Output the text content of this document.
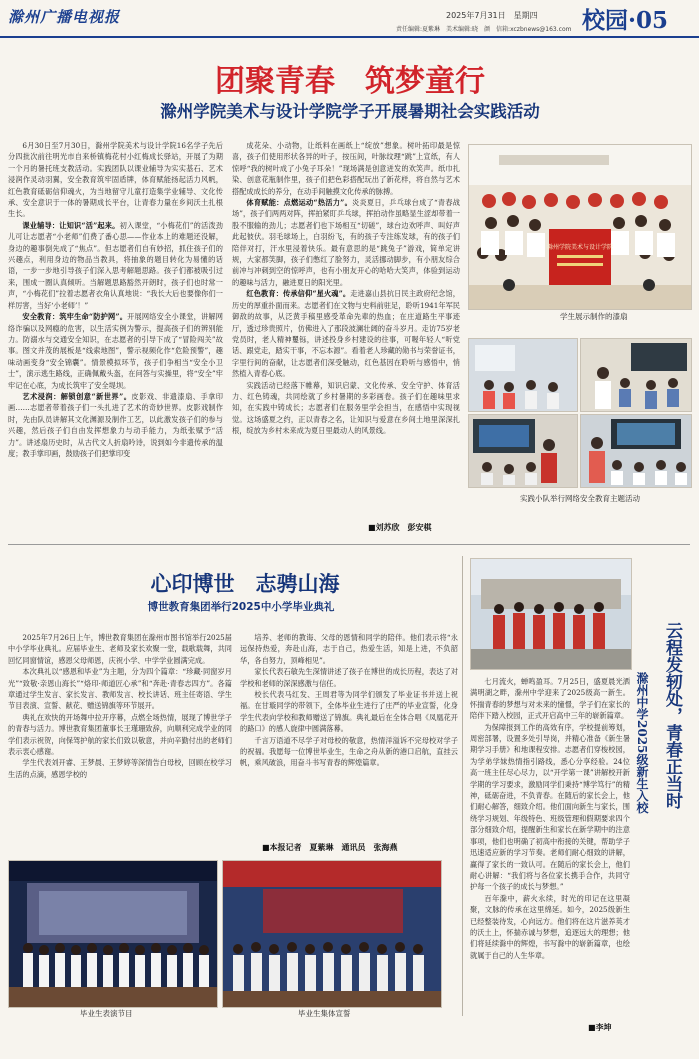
滁州广播电视报	2025年7月31日　星期四
责任编辑:夏紫琳　美术编辑:晓　颜　信箱:xczbnews@163.com 校园·05
团聚青春　筑梦童行
滁州学院美术与设计学院学子开展暑期社会实践活动

6月30日至7月30日，滁州学院美术与设计学院16名学子先后分四批次前往明光市自来桥镇梅花村小红梅成长驿站，开展了为期一个月的暑托班支教活动。实践团队以课业辅导为实实基石、艺术浸润作灵动羽翼，安全教育筑牢固盾牌，体育赋能扬起活力风帆，红色教育砥砺信仰魂火，为当地留守儿童打造集学业辅导、文化传承、安全意识于一体的暑期成长平台，让青春力量在乡间沃土扎根生长。

课业辅导：让知识“活”起来。初入课堂，“小梅花们”的活泼劲儿可让志愿者“小老师”们费了番心思——作业本上的难题还没解，身边的趣事倒先成了“焦点”。但志愿者们自有妙招，抓住孩子们的兴趣点，利用身边的物品当教具，将抽象的题目转化为易懂的话语，一步一步地引导孩子们深入思考解题思路。孩子们都被吸引过来，围成一圈认真倾听。当解题思路豁然开朗时，孩子们也时常一声，“小梅花们”拉着志愿者衣角认真地说：“我长大后也要像你们一样厉害，当好‘小老师’！”

安全教育：筑牢生命“防护网”。开展网络安全小课堂，讲解网络诈骗以及网瘾的危害，以生活实例为警示，提高孩子们的辨别能力。防溺水与交通安全知识，在志愿者的引导下成了“冒险闯关”故事。图文并茂的展板是“线索地图”，警示视频化作“危险预警”，趣味动画变身“安全锦囊”。情景模拟环节，孩子们争相当“安全小卫士”，演示逃生路线，正确佩戴头盔，在问答与实操里，将“安全”牢牢记在心底，为成长筑牢了安全堤坝。

艺术浸润：解锁创意“新世界”。皮影戏、非遗漆扇、手拿印画……志愿者带着孩子们一头扎进了艺术的奇妙世界。皮影戏制作时，先由队员讲解其文化渊源及制作工艺，以此激发孩子们的参与兴趣，然后孩子们自由发挥想象力与动手能力，为纸张赋予“活力”。讲述扇历史时，从古代文人折扇吟诗，说到如今非遗传承的温度；教手掌印画，鼓励孩子们把掌印变

成花朵、小动物，让纸料在画纸上“绽放”想象。树叶拓印最是惊喜，孩子们使用形状各异的叶子，按压间，叶脉纹理“跳”上宣纸，有人惊呼“我的树叶成了小兔子耳朵！”现场满是创意迸发的欢笑声。纸巾扎染、创意花瓶制作里，孩子们把色彩搭配玩出了新花样，将自然与艺术搭配成成长的养分，在动手间触摸文化传承的脉搏。

体育赋能：点燃运动“热活力”。炎炎夏日，乒乓球台成了“青春战场”，孩子们两两对阵，挥拍紧盯乒乓球，挥拍动作虽略显生涩却带着一股不服输的劲儿；志愿者们也下场相互“切磋”，球台边欢呼声、叫好声此起彼伏。羽毛球场上，白羽纷飞，有的孩子专注练发球，有的孩子们陪伴对打，汗水里浸着快乐。最有意思的是“跳兔子”游戏，简单定讲规，大家都笑脚，孩子们憋红了脸努力，灵活挪动脚步，有小朋友综合前冲与冲刺到空的惊呼声，也有小朋友开心的哈哈大笑声，体验到运动的趣味与活力，融进夏日的阳光里。

红色教育：传承信仰“星火魂”。走进嘉山县抗日民主政府纪念馆，历史的厚重扑面而来。志愿者们在文物与史料前驻足，聆听1941年军民御敌的故事，从泛黄手稿里感受革命先辈的热血；在庄道路生平事迹厅，透过珍贵照片，仿佛进入了那段波澜壮阔的奋斗岁月。走访75岁老党员时，老人精神矍铄，讲述投身乡村建设的往事，可喔年轻人“听党话、跟党走，踏实干事，不忘本源”。看着老人珍藏的勋书与荣誉证书，字里行间的奋献，让志愿者们深受触动，红色基因在聆听与感悟中，悄然植入青春心底。

实践活动已经落下帷幕，知识启蒙、文化传承、安全守护、体育活力、红色铸魂，共同绘就了乡村暑期的多彩画卷。孩子们在趣味里求知，在实践中铸成长；志愿者们在服务里学会担当，在感悟中实现视觉。这场盛夏之约，正以青春之名，让知识与爱意在乡间土地里深深扎根，绽放为乡村未来成为夏日里最动人的风景线。

■刘苏欣　彭安棋
滁州学院美术与设计学院
学生展示制作的漆扇
实践小队举行网络安全教育主题活动
心印博世　志骋山海
博世教育集团举行2025中小学毕业典礼

2025年7月26日上午，博世教育集团在滁州市图书馆举行2025届中小学毕业典礼。应届毕业生、老师及家长欢聚一堂，载歌载舞，共同回忆同窗情谊，感恩父母师恩，庆祝小学、中学学业圆满完成。

本次典礼以“感恩和毕业”为主题，分为四个篇章：“珍藏·同窗岁月光”“致敬·亲恩山海长”“烙印·师道匠心承”和“奔赴·青春志四方”。各篇章通过学生发言、家长发言、教师发言、校长讲话、班主任寄语、学生节目表演、宣誓、献花、赠送锦旗等环节展开。

典礼在欢快的开场舞中拉开序幕，点燃全场热情，展现了博世学子的青春与活力。博世教育集团董事长王瑾珊致辞，向顺利完成学业的同学们表示祝贺，向保驾护航的家长们致以敬意，并向辛勤付出的老师们表示衷心感谢。

学生代表刘开睿、王梦晨、王梦婷等深情告白母校，回顾在校学习生活的点滴，感恩学校的

培养、老师的教诲、父母的恩情和同学的陪伴。他们表示将“永远保持热爱，奔赴山海，志于自己，热爱生活，知是上进，不负韶华，各自努力，顶峰相见”。

家长代表石敏先生深情讲述了孩子在博世的成长历程，表达了对学校和老师的深深感激与信任。

校长代表马红发、王周君等为同学们颁发了毕业证书并送上祝福。在甘璇同学的带领下，全体毕业生进行了庄严的毕业宣誓，化身学生代表向学校和教师赠送了锦旗。典礼最后在全体合唱《凤凰花开的路口》的感人旋律中圆满落幕。

千言万语道不尽学子对母校的敬意，热情洋溢诉不完母校对学子的祝福。我愿每一位博世毕业生，生命之舟从新的港口启航，直挂云帆，乘风破浪，用奋斗书写青春的辉煌篇章。

■本报记者　夏紫琳　通讯员　张海燕
毕业生表演节目	毕业生集体宣誓
云程发轫处，青春正当时
滁州中学2025级新生入校

七月流火，蝉鸣盈耳。7月25日，盛夏晨光洒满明湖之畔，滁州中学迎来了2025级高一新生。怀揣青春的梦想与对未来的憧憬，学子们在家长的陪伴下踏入校园，正式开启高中三年的崭新篇章。

为保障报到工作的高效有序，学校提前筹划，周密部署，设置多处引导岗，并精心准备《新生暑期学习手册》和地课程安排。志愿者们穿梭校园，为学弟学妹热情指引路线，悉心分享经验。24位高一班主任尽心尽力，以“开学第一课”讲解校开新学期的学习要求，激励同学们秉持“博学笃行”的精神，砥砺奋进，不负青春。在随后的家长会上，他们耐心解答，细致介绍。他们面向新生与家长，围绕学习规划、年级特色、班级管理和假期要求四个部分细致介绍，提醒新生和家长在新学期中的注意事项，他们也明确了初高中衔接的关键，帮助学子迅速适应新的学习节奏。老师们耐心细致的讲解，赢得了家长的一致认可。在随后的家长会上，他们耐心讲解：“我们将与各位家长携手合作，共同守护每一个孩子的成长与梦想。”

百年滁中，薪火永续，时光的印记在这里凝聚，文脉的传承在这里绵延。如今，2025级新生已经整装待发，心向远方。他们将在这片滋养英才的沃土上，怀揣赤诚与梦想，追逐远大的理想；他们将延续滁中的辉煌，书写滁中的崭新篇章，也绘就属于自己的人生华章。

■李坤
